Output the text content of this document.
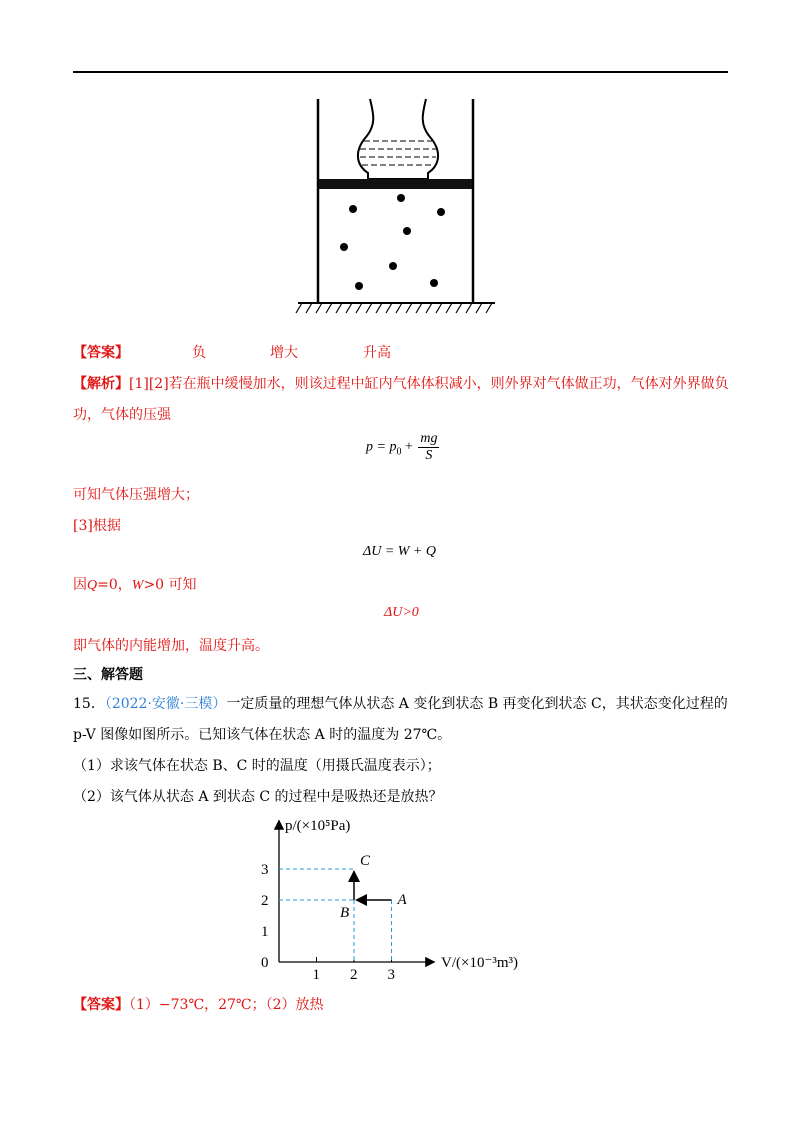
【答案】	负	增大	升高
【解析】[1][2]若在瓶中缓慢加水，则该过程中缸内气体体积减小，则外界对气体做正功，气体对外界做负
功，气体的压强
$p = p_0 + \frac{mg}{S}$
可知气体压强增大；
[3]根据
ΔU = W + Q
因Q=0，W>0 可知
ΔU>0
即气体的内能增加，温度升高。
三、解答题
15．（2022·安徽·三模）一定质量的理想气体从状态 A 变化到状态 B 再变化到状态 C，其状态变化过程的
p-V 图像如图所示。已知该气体在状态 A 时的温度为 27℃。
（1）求该气体在状态 B、C 时的温度（用摄氏温度表示）；
（2）该气体从状态 A 到状态 C 的过程中是吸热还是放热？
p/(×10⁵Pa)
V/(×10⁻³m³)
3
2
1
0
1 2 3
A
B
C
【答案】（1）−73℃，27℃；（2）放热
